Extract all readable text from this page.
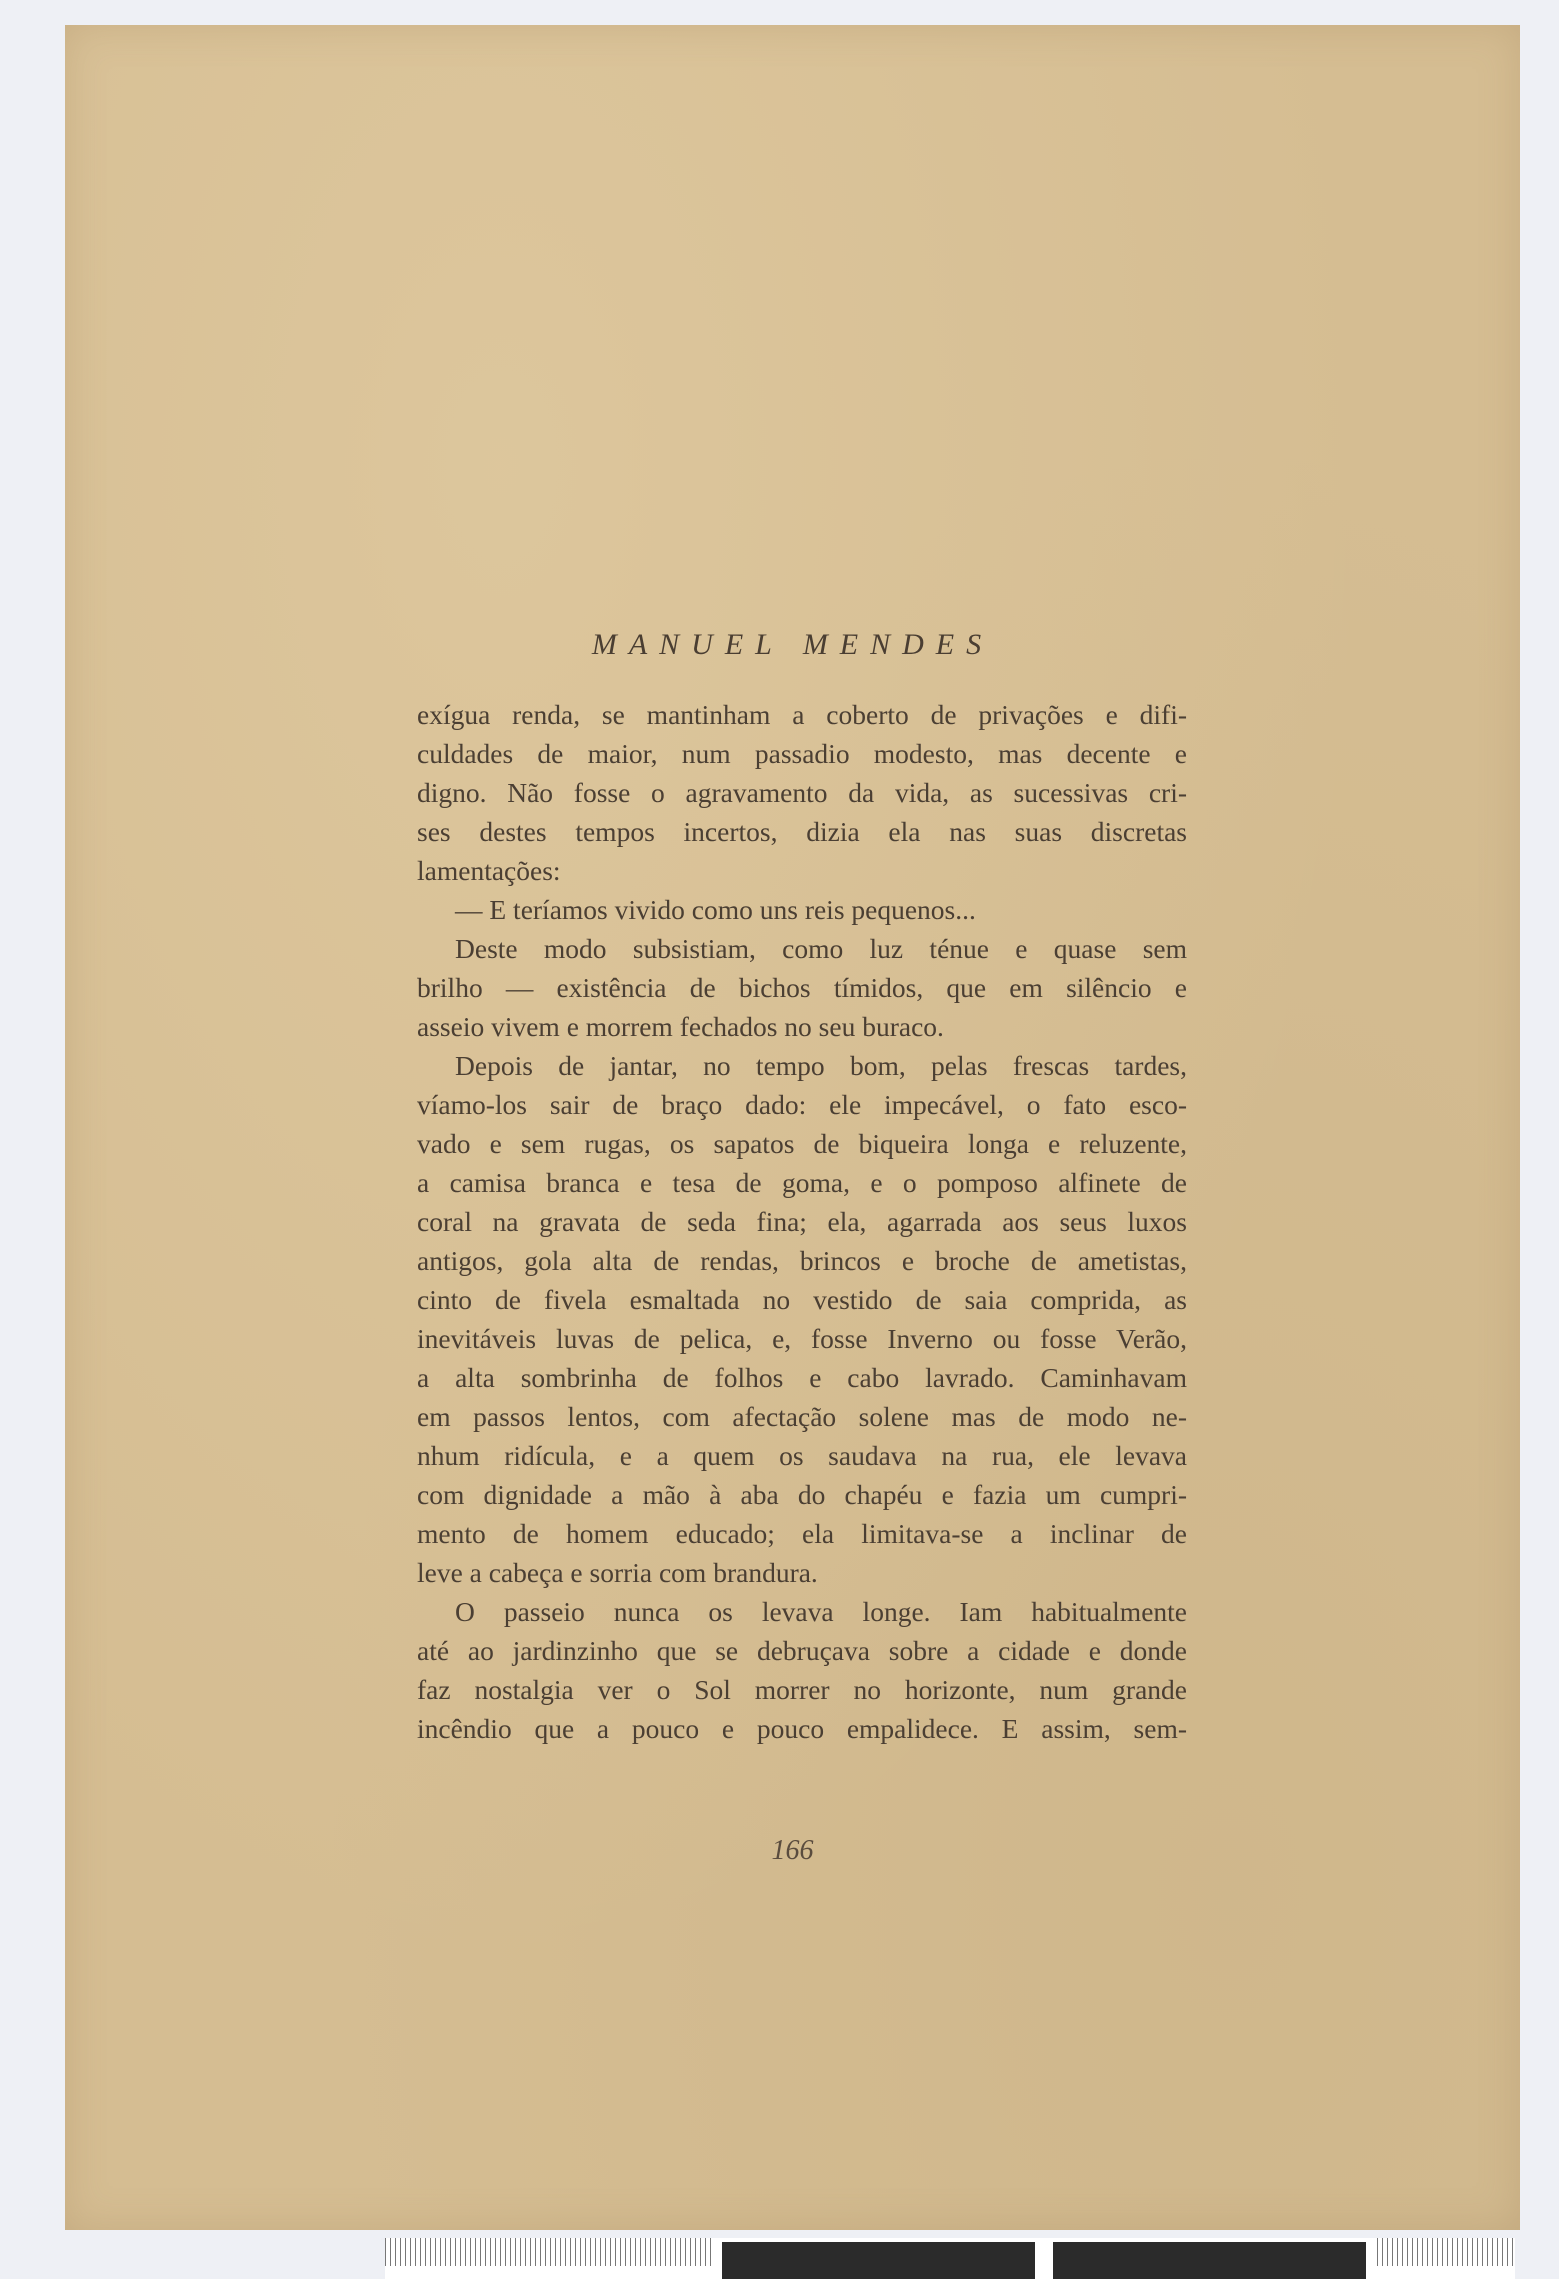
MANUEL MENDES

exígua renda, se mantinham a coberto de privações e difi-

culdades de maior, num passadio modesto, mas decente e

digno. Não fosse o agravamento da vida, as sucessivas cri-

ses destes tempos incertos, dizia ela nas suas discretas

lamentações:

— E teríamos vivido como uns reis pequenos...

Deste modo subsistiam, como luz ténue e quase sem

brilho — existência de bichos tímidos, que em silêncio e

asseio vivem e morrem fechados no seu buraco.

Depois de jantar, no tempo bom, pelas frescas tardes,

víamo-los sair de braço dado: ele impecável, o fato esco-

vado e sem rugas, os sapatos de biqueira longa e reluzente,

a camisa branca e tesa de goma, e o pomposo alfinete de

coral na gravata de seda fina; ela, agarrada aos seus luxos

antigos, gola alta de rendas, brincos e broche de ametistas,

cinto de fivela esmaltada no vestido de saia comprida, as

inevitáveis luvas de pelica, e, fosse Inverno ou fosse Verão,

a alta sombrinha de folhos e cabo lavrado. Caminhavam

em passos lentos, com afectação solene mas de modo ne-

nhum ridícula, e a quem os saudava na rua, ele levava

com dignidade a mão à aba do chapéu e fazia um cumpri-

mento de homem educado; ela limitava-se a inclinar de

leve a cabeça e sorria com brandura.

O passeio nunca os levava longe. Iam habitualmente

até ao jardinzinho que se debruçava sobre a cidade e donde

faz nostalgia ver o Sol morrer no horizonte, num grande

incêndio que a pouco e pouco empalidece. E assim, sem-

166
